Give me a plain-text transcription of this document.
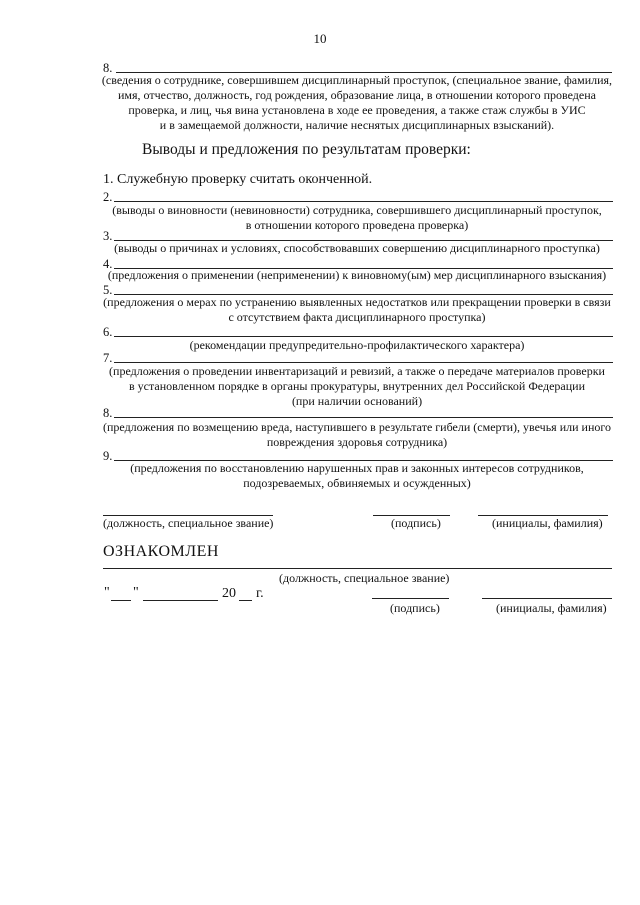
10
8.
(сведения о сотруднике, совершившем дисциплинарный проступок, (специальное звание, фамилия,
имя, отчество, должность, год рождения, образование лица, в отношении которого проведена
проверка, и лиц, чья вина установлена в ходе ее проведения, а также стаж службы в УИС
и в замещаемой должности, наличие неснятых дисциплинарных взысканий).
Выводы и предложения по результатам проверки:
1. Служебную проверку считать оконченной.
2.
(выводы о виновности (невиновности) сотрудника, совершившего дисциплинарный проступок,
в отношении которого проведена проверка)
3.
(выводы о причинах и условиях, способствовавших совершению дисциплинарного проступка)
4.
(предложения о применении (неприменении) к виновному(ым) мер дисциплинарного взыскания)
5.
(предложения о мерах по устранению выявленных недостатков или прекращении проверки в связи
с отсутствием факта дисциплинарного проступка)
6.
(рекомендации предупредительно-профилактического характера)
7.
(предложения о проведении инвентаризаций и ревизий, а также о передаче материалов проверки
в установленном порядке в органы прокуратуры, внутренних дел Российской Федерации
(при наличии оснований)
8.
(предложения по возмещению вреда, наступившего в результате гибели (смерти), увечья или иного
повреждения здоровья сотрудника)
9.
(предложения по восстановлению нарушенных прав и законных интересов сотрудников,
подозреваемых, обвиняемых и осужденных)
(должность, специальное звание)	(подпись)	(инициалы, фамилия)
ОЗНАКОМЛЕН
(должность, специальное звание)
" "	20 г.
(подпись)	(инициалы, фамилия)
